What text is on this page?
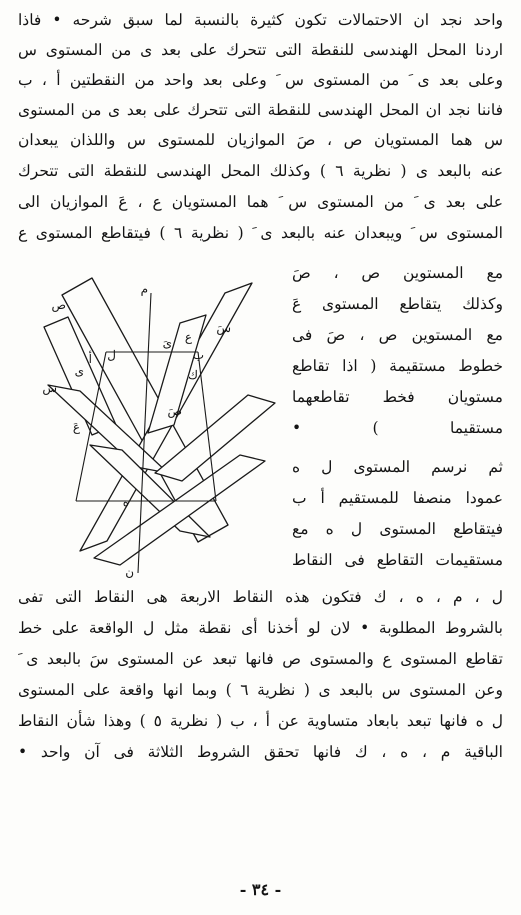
واحد نجد ان الاحتمالات تكون كثيرة بالنسبة لما سبق شرحه • فاذا
اردنا المحل الهندسى للنقطة التى تتحرك على بعد ى من المستوى س
وعلى بعد ى َ من المستوى س َ وعلى بعد واحد من النقطتين أ ، ب
فاننا نجد ان المحل الهندسى للنقطة التى تتحرك على بعد ى من المستوى
س هما المستويان ص ، صَ الموازيان للمستوى س واللذان يبعدان
عنه بالبعد ى ( نظرية ٦ ) وكذلك المحل الهندسى للنقطة التى تتحرك
على بعد ى َ من المستوى س َ هما المستويان ع ، عَ الموازيان الى
المستوى س َ ويبعدان عنه بالبعد ى َ ( نظرية ٦ ) فيتقاطع المستوى ع
مع المستوين ص ، صَ
وكذلك يتقاطع المستوى عَ
مع المستوين ص ، صَ فى
خطوط مستقيمة ( اذا تقاطع
مستويان فخط تقاطعهما
مستقيما ) •
ثم نرسم المستوى ل ه
عمودا منصفا للمستقيم أ ب
فيتقاطع المستوى ل ه مع
مستقيمات التقاطع فى النقاط
ل ، م ، ه ، ك فتكون هذه النقاط الاربعة هى النقاط التى تفى
بالشروط المطلوبة • لان لو أخذنا أى نقطة مثل ل الواقعة على خط
تقاطع المستوى ع والمستوى ص فانها تبعد عن المستوى سَ بالبعد ى َ
وعن المستوى س بالبعد ى ( نظرية ٦ ) وبما انها واقعة على المستوى
ل ه فانها تبعد بابعاد متساوية عن أ ، ب ( نظرية ٥ ) وهذا شأن النقاط
الباقية م ، ه ، ك فانها تحقق الشروط الثلاثة فى آن واحد •
م
ل
ك
ه
ن
أ	ب
س
سَ
ص
صَ
ع
عَ
ى
ىَ
- ٣٤ -
